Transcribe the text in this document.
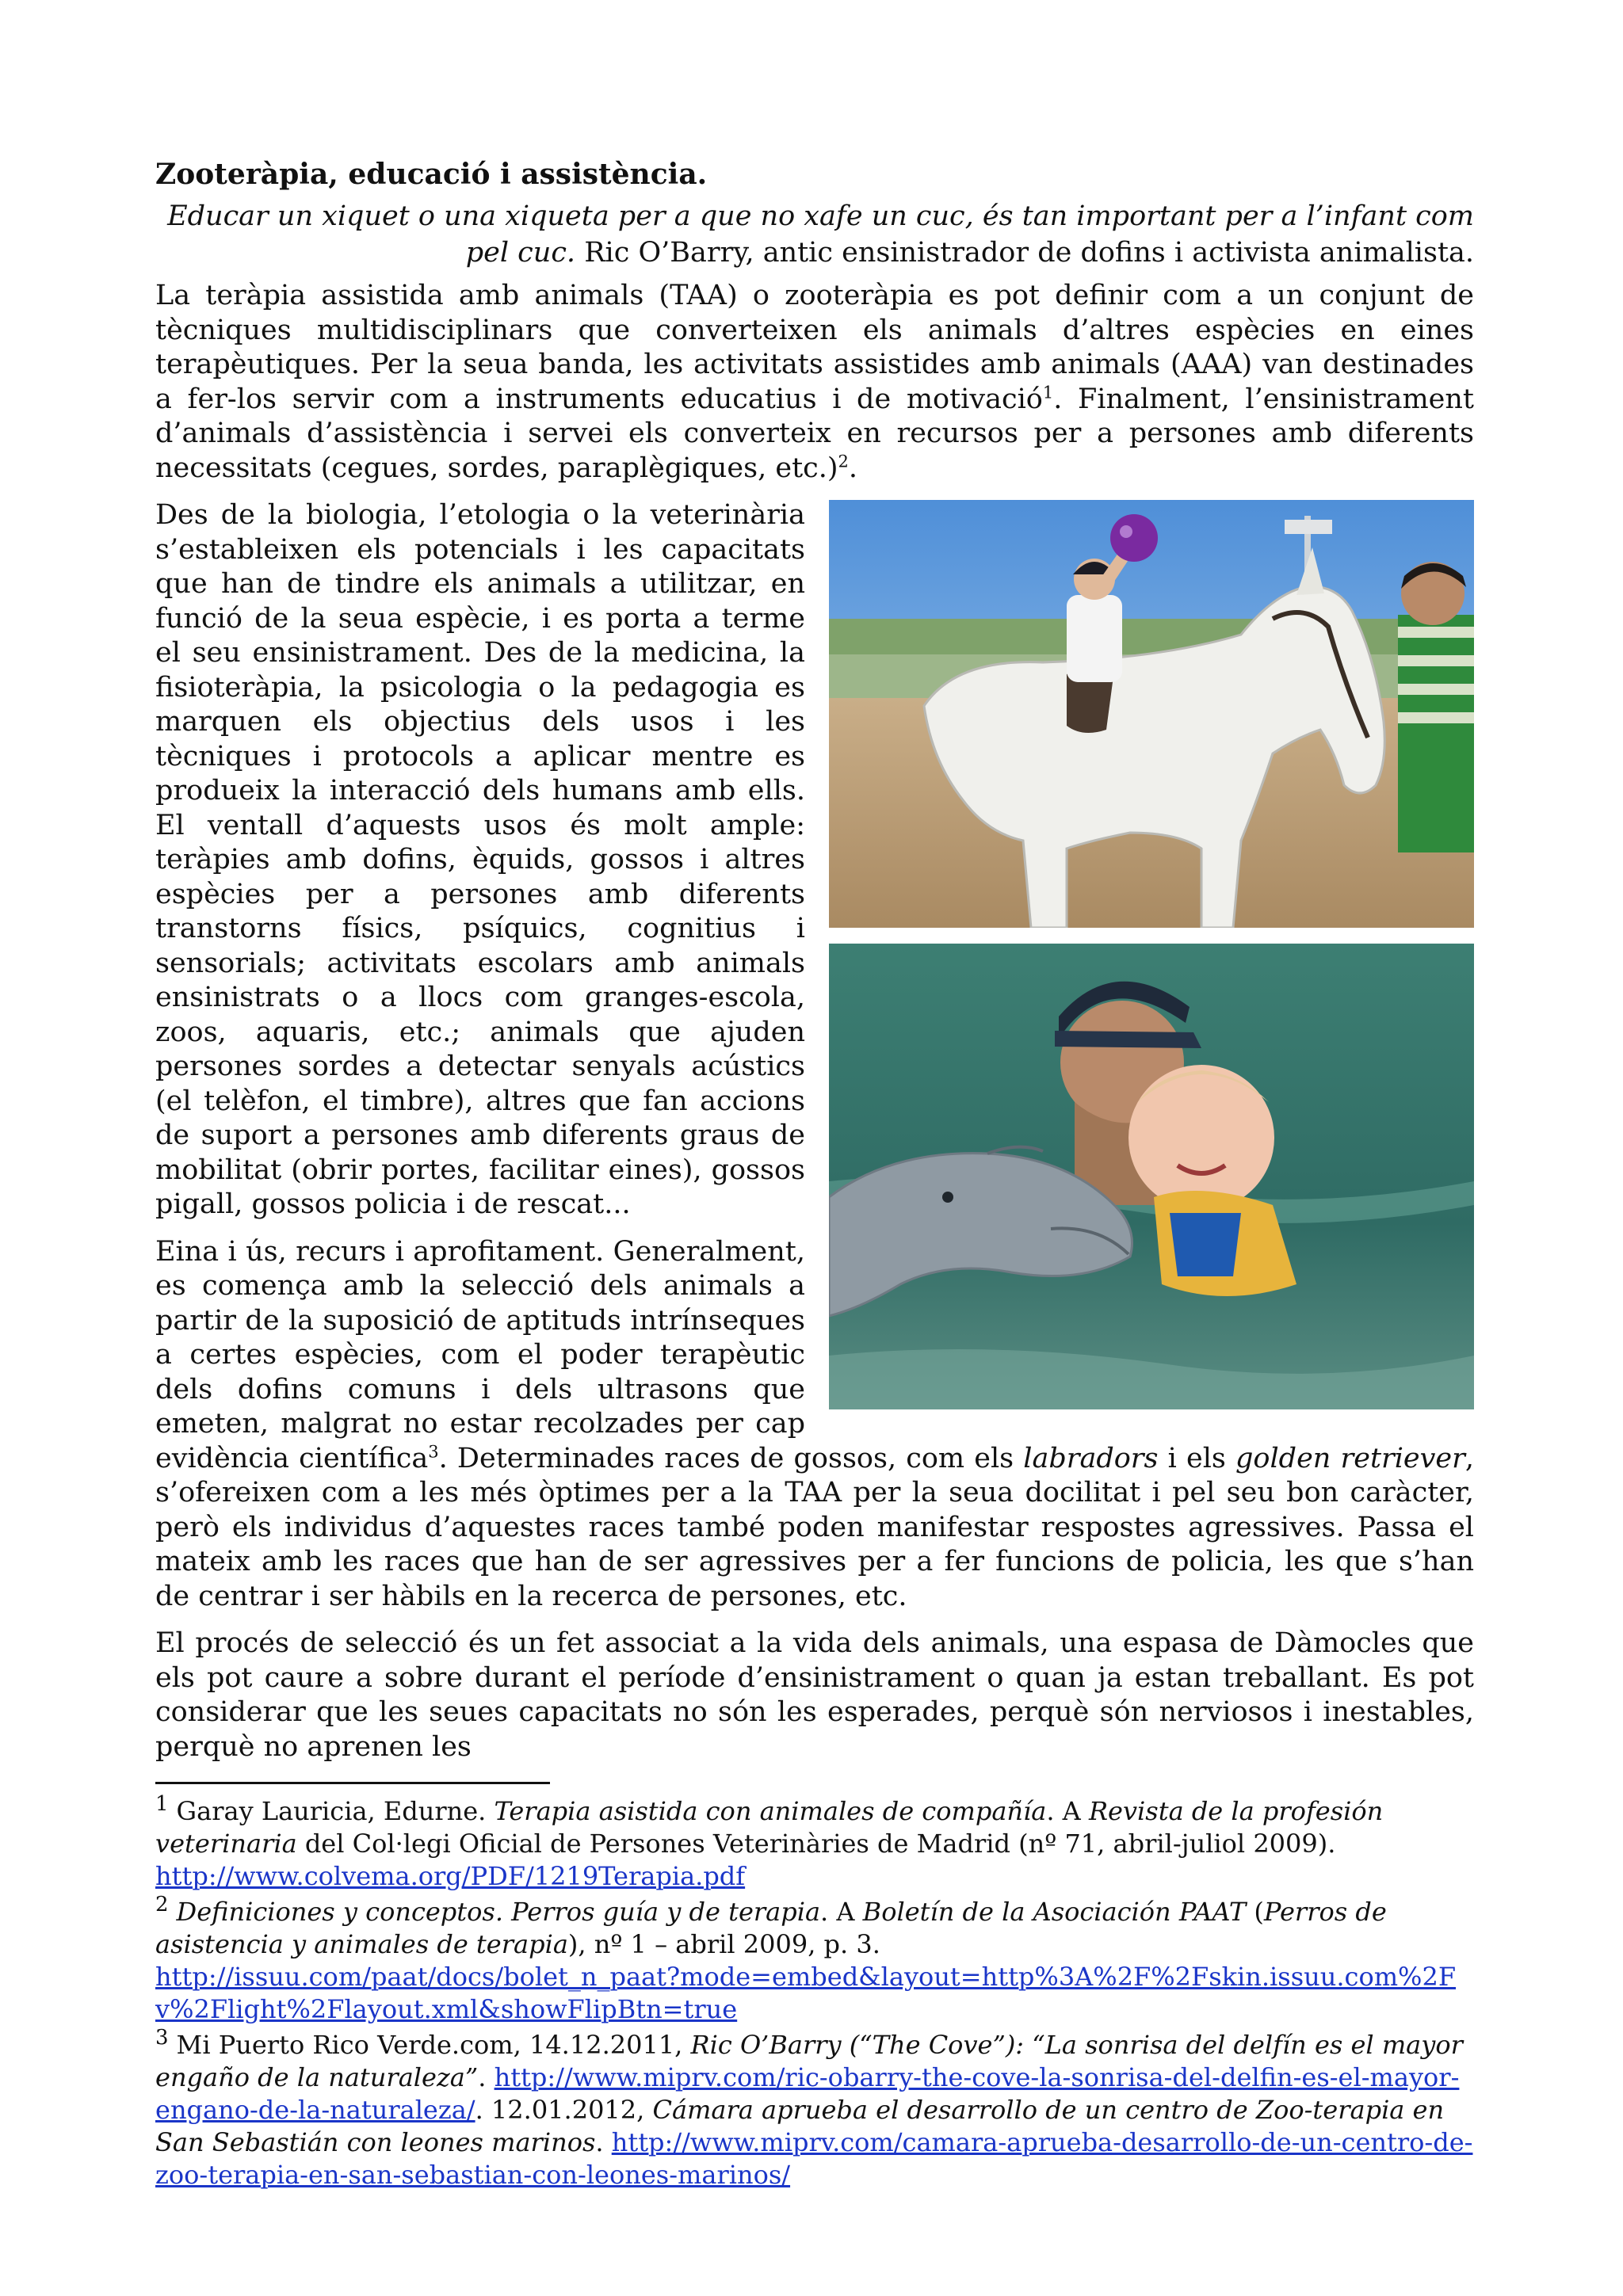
Zooteràpia, educació i assistència.
Educar un xiquet o una xiqueta per a que no xafe un cuc, és tan important per a l’infant com pel cuc. Ric O’Barry, antic ensinistrador de dofins i activista animalista.

La teràpia assistida amb animals (TAA) o zooteràpia es pot definir com a un conjunt de tècniques multidisciplinars que converteixen els animals d’altres espècies en eines terapèutiques. Per la seua banda, les activitats assistides amb animals (AAA) van destinades a fer-los servir com a instruments educatius i de motivació$^1$. Finalment, l’ensinistrament d’animals d’assistència i servei els converteix en recursos per a persones amb diferents necessitats (cegues, sordes, paraplègiques, etc.)$^2$.

Des de la biologia, l’etologia o la veterinària s’estableixen els potencials i les capacitats que han de tindre els animals a utilitzar, en funció de la seua espècie, i es porta a terme el seu ensinistrament. Des de la medicina, la fisioteràpia, la psicologia o la pedagogia es marquen els objectius dels usos i les tècniques i protocols a aplicar mentre es produeix la interacció dels humans amb ells. El ventall d’aquests usos és molt ample: teràpies amb dofins, èquids, gossos i altres espècies per a persones amb diferents transtorns físics, psíquics, cognitius i sensorials; activitats escolars amb animals ensinistrats o a llocs com granges-escola, zoos, aquaris, etc.; animals que ajuden persones sordes a detectar senyals acústics (el telèfon, el timbre), altres que fan accions de suport a persones amb diferents graus de mobilitat (obrir portes, facilitar eines), gossos pigall, gossos policia i de rescat...

Eina i ús, recurs i aprofitament. Generalment, es comença amb la selecció dels animals a partir de la suposició de aptituds intrínseques a certes espècies, com el poder terapèutic dels dofins comuns i dels ultrasons que emeten, malgrat no estar recolzades per cap evidència científica$^3$. Determinades races de gossos, com els labradors i els golden retriever, s’ofereixen com a les més òptimes per a la TAA per la seua docilitat i pel seu bon caràcter, però els individus d’aquestes races també poden manifestar respostes agressives. Passa el mateix amb les races que han de ser agressives per a fer funcions de policia, les que s’han de centrar i ser hàbils en la recerca de persones, etc.

El procés de selecció és un fet associat a la vida dels animals, una espasa de Dàmocles que els pot caure a sobre durant el període d’ensinistrament o quan ja estan treballant. Es pot considerar que les seues capacitats no són les esperades, perquè són nerviosos i inestables, perquè no aprenen les

$^1$ Garay Lauricia, Edurne. Terapia asistida con animales de compañía. A Revista de la profesión veterinaria del Col·legi Oficial de Persones Veterinàries de Madrid (nº 71, abril-juliol 2009).
http://www.colvema.org/PDF/1219Terapia.pdf

$^2$ Definiciones y conceptos. Perros guía y de terapia. A Boletín de la Asociación PAAT (Perros de asistencia y animales de terapia), nº 1 – abril 2009, p. 3.
http://issuu.com/paat/docs/bolet_n_paat?mode=embed&layout=http%3A%2F%2Fskin.issuu.com%2Fv%2Flight%2Flayout.xml&showFlipBtn=true

$^3$ Mi Puerto Rico Verde.com, 14.12.2011, Ric O’Barry (“The Cove”): “La sonrisa del delfín es el mayor engaño de la naturaleza”. http://www.miprv.com/ric-obarry-the-cove-la-sonrisa-del-delfin-es-el-mayor-engano-de-la-naturaleza/. 12.01.2012, Cámara aprueba el desarrollo de un centro de Zoo-terapia en San Sebastián con leones marinos. http://www.miprv.com/camara-aprueba-desarrollo-de-un-centro-de-zoo-terapia-en-san-sebastian-con-leones-marinos/
